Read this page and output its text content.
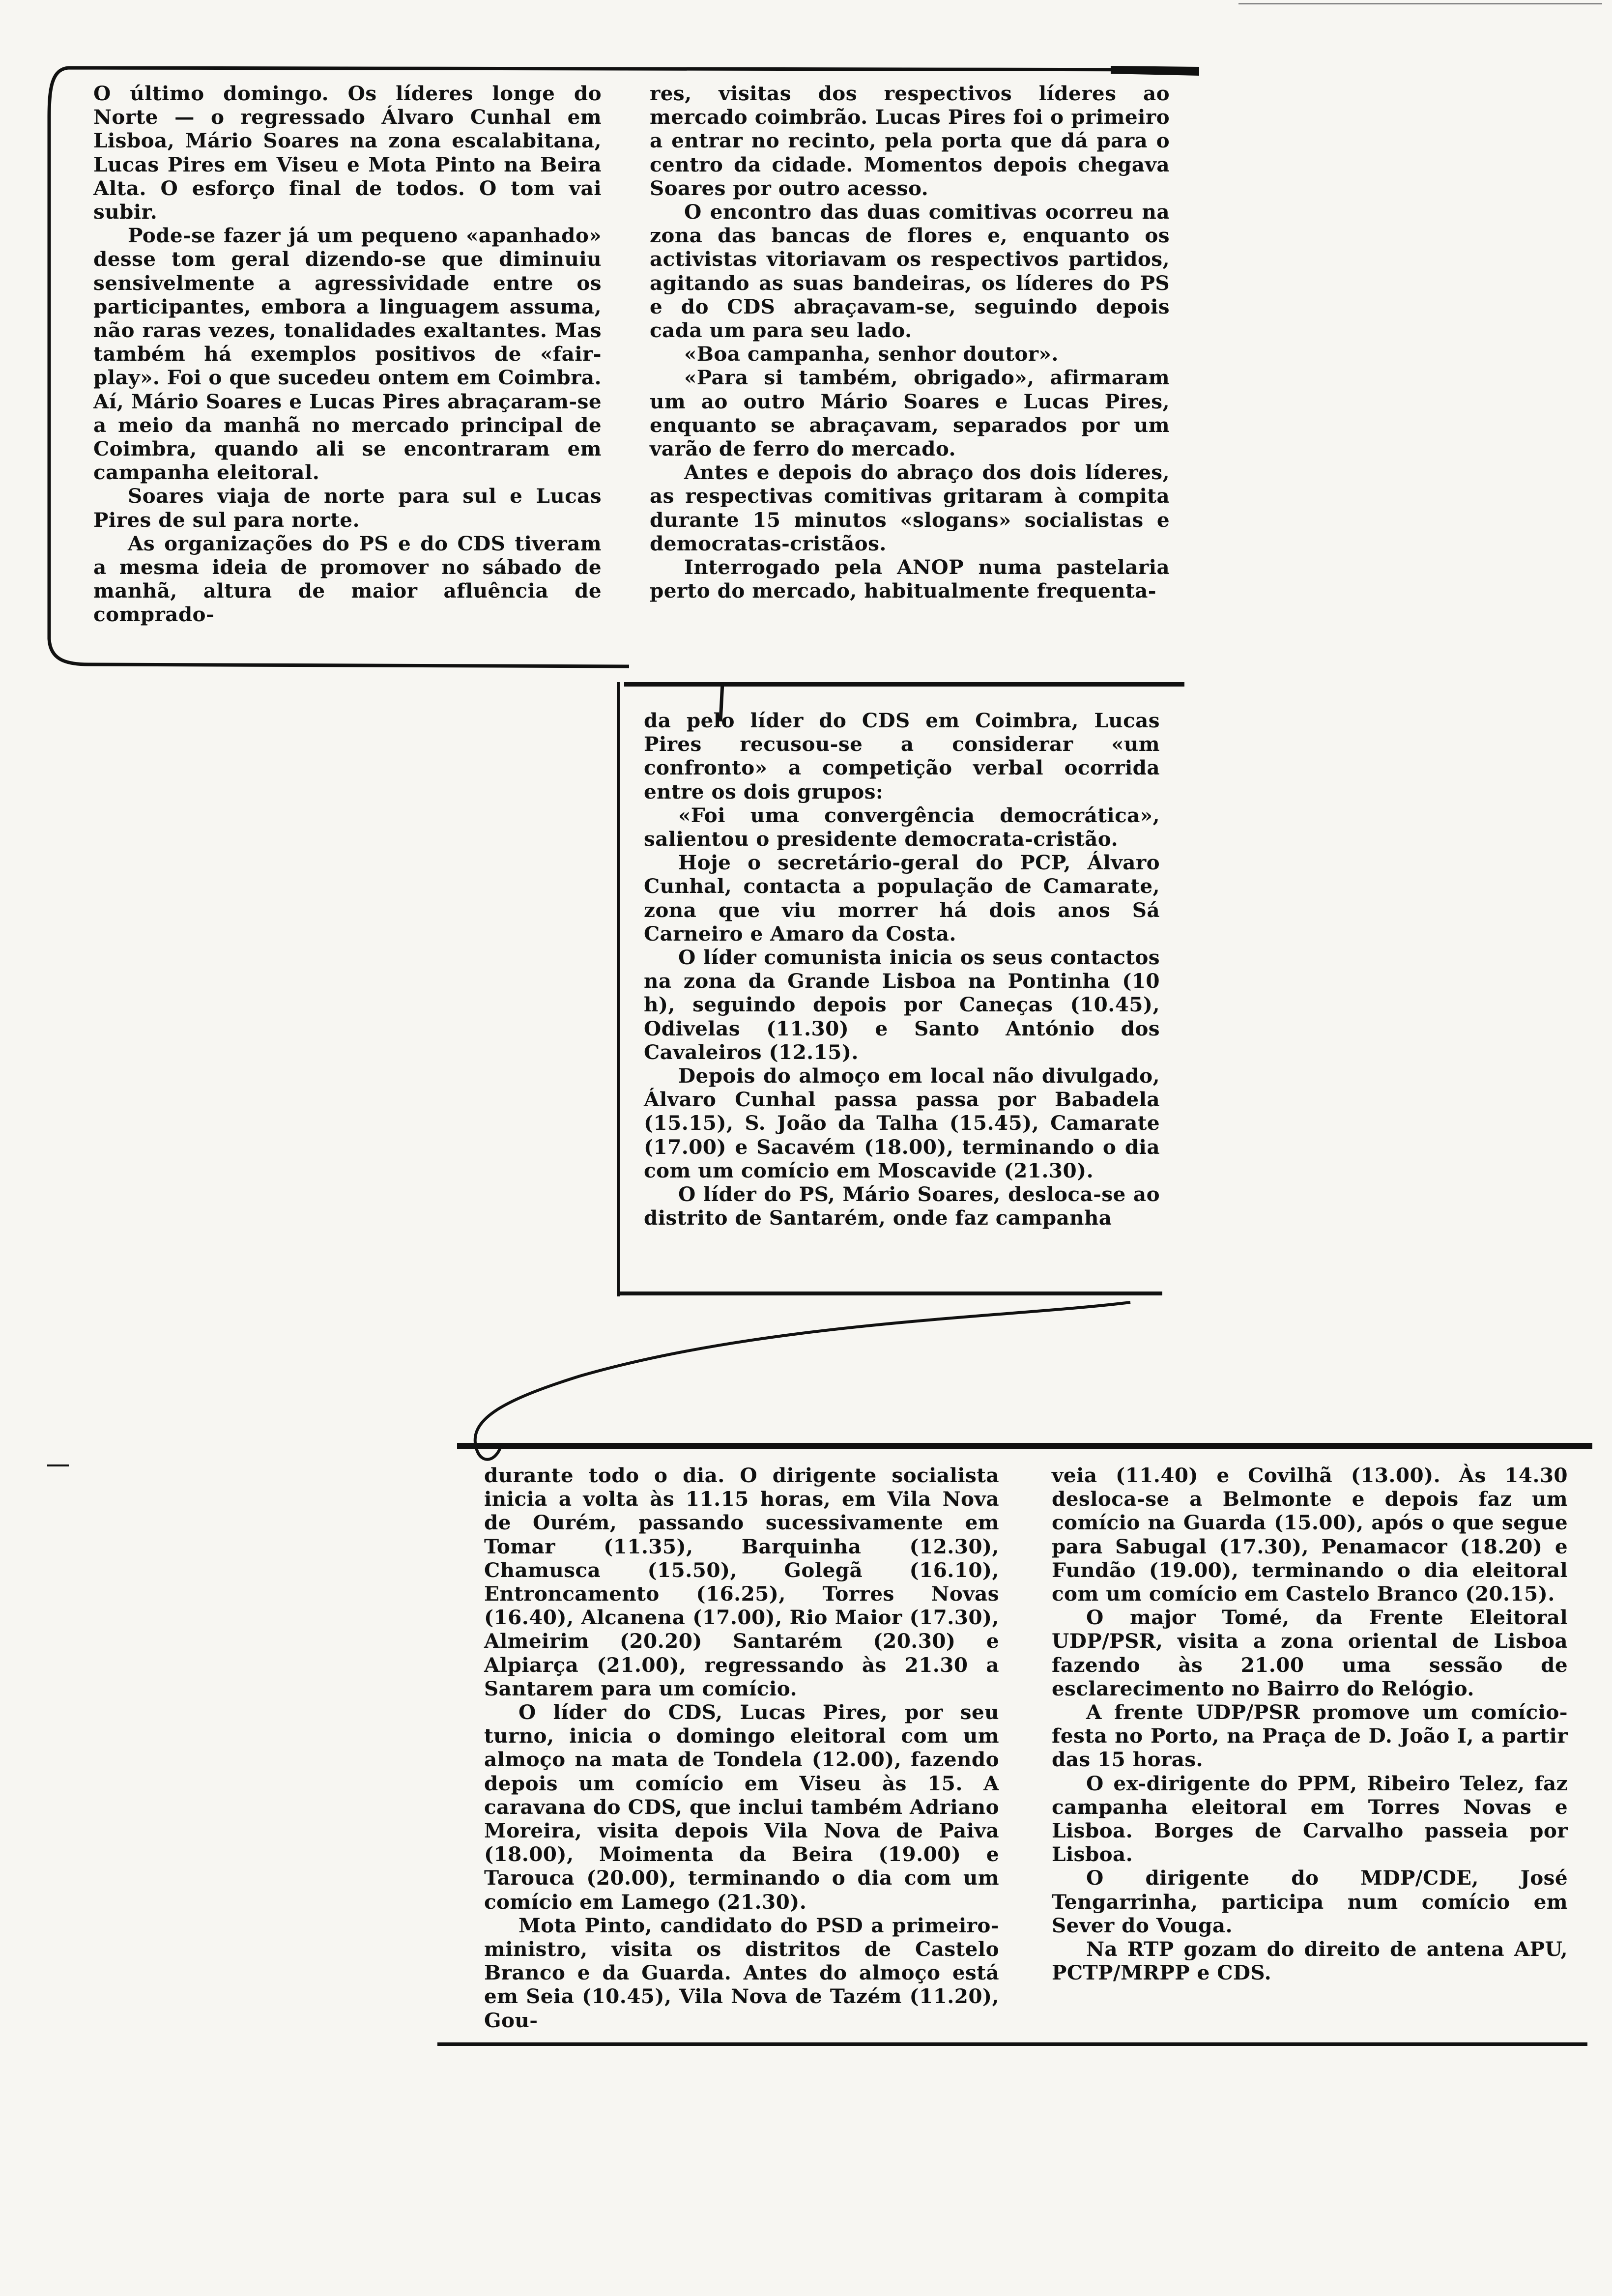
O último domingo. Os líderes longe do Norte — o regressado Álvaro Cunhal em Lisboa, Mário Soares na zona escalabitana, Lucas Pires em Viseu e Mota Pinto na Beira Alta. O esforço final de todos. O tom vai subir.

Pode-se fazer já um pequeno «apanhado» desse tom geral dizendo-se que diminuiu sensivelmente a agressividade entre os participantes, embora a linguagem assuma, não raras vezes, tonalidades exaltantes. Mas também há exemplos positivos de «fair-play». Foi o que sucedeu ontem em Coimbra. Aí, Mário Soares e Lucas Pires abraçaram-se a meio da manhã no mercado principal de Coimbra, quando ali se encontraram em campanha eleitoral.

Soares viaja de norte para sul e Lucas Pires de sul para norte.

As organizações do PS e do CDS tiveram a mesma ideia de promover no sábado de manhã, altura de maior afluência de comprado-

res, visitas dos respectivos líderes ao mercado coimbrão. Lucas Pires foi o primeiro a entrar no recinto, pela porta que dá para o centro da cidade. Momentos depois chegava Soares por outro acesso.

O encontro das duas comitivas ocorreu na zona das bancas de flores e, enquanto os activistas vitoriavam os respectivos partidos, agitando as suas bandeiras, os líderes do PS e do CDS abraçavam-se, seguindo depois cada um para seu lado.

«Boa campanha, senhor doutor».

«Para si também, obrigado», afirmaram um ao outro Mário Soares e Lucas Pires, enquanto se abraçavam, separados por um varão de ferro do mercado.

Antes e depois do abraço dos dois líderes, as respectivas comitivas gritaram à compita durante 15 minutos «slogans» socialistas e democratas-cristãos.

Interrogado pela ANOP numa pastelaria perto do mercado, habitualmente frequenta-

da pelo líder do CDS em Coimbra, Lucas Pires recusou-se a considerar «um confronto» a competição verbal ocorrida entre os dois grupos:

«Foi uma convergência democrática», salientou o presidente democrata-cristão.

Hoje o secretário-geral do PCP, Álvaro Cunhal, contacta a população de Camarate, zona que viu morrer há dois anos Sá Carneiro e Amaro da Costa.

O líder comunista inicia os seus contactos na zona da Grande Lisboa na Pontinha (10 h), seguindo depois por Caneças (10.45), Odivelas (11.30) e Santo António dos Cavaleiros (12.15).

Depois do almoço em local não divulgado, Álvaro Cunhal passa passa por Babadela (15.15), S. João da Talha (15.45), Camarate (17.00) e Sacavém (18.00), terminando o dia com um comício em Moscavide (21.30).

O líder do PS, Mário Soares, desloca-se ao distrito de Santarém, onde faz campanha

durante todo o dia. O dirigente socialista inicia a volta às 11.15 horas, em Vila Nova de Ourém, passando sucessivamente em Tomar (11.35), Barquinha (12.30), Chamusca (15.50), Golegã (16.10), Entroncamento (16.25), Torres Novas (16.40), Alcanena (17.00), Rio Maior (17.30), Almeirim (20.20) Santarém (20.30) e Alpiarça (21.00), regressando às 21.30 a Santarem para um comício.

O líder do CDS, Lucas Pires, por seu turno, inicia o domingo eleitoral com um almoço na mata de Tondela (12.00), fazendo depois um comício em Viseu às 15. A caravana do CDS, que inclui também Adriano Moreira, visita depois Vila Nova de Paiva (18.00), Moimenta da Beira (19.00) e Tarouca (20.00), terminando o dia com um comício em Lamego (21.30).

Mota Pinto, candidato do PSD a primeiro-ministro, visita os distritos de Castelo Branco e da Guarda. Antes do almoço está em Seia (10.45), Vila Nova de Tazém (11.20), Gou-

veia (11.40) e Covilhã (13.00). Às 14.30 desloca-se a Belmonte e depois faz um comício na Guarda (15.00), após o que segue para Sabugal (17.30), Penamacor (18.20) e Fundão (19.00), terminando o dia eleitoral com um comício em Castelo Branco (20.15).

O major Tomé, da Frente Eleitoral UDP/PSR, visita a zona oriental de Lisboa fazendo às 21.00 uma sessão de esclarecimento no Bairro do Relógio.

A frente UDP/PSR promove um comício-festa no Porto, na Praça de D. João I, a partir das 15 horas.

O ex-dirigente do PPM, Ribeiro Telez, faz campanha eleitoral em Torres Novas e Lisboa. Borges de Carvalho passeia por Lisboa.

O dirigente do MDP/CDE, José Tengarrinha, participa num comício em Sever do Vouga.

Na RTP gozam do direito de antena APU, PCTP/MRPP e CDS.
